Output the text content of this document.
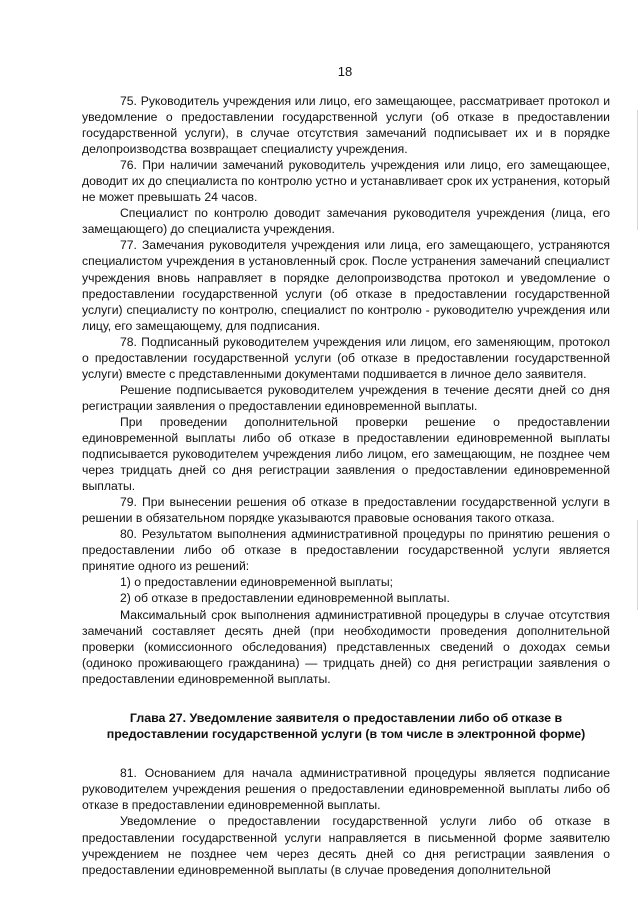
18

75. Руководитель учреждения или лицо, его замещающее, рассматривает протокол и уведомление о предоставлении государственной услуги (об отказе в предоставлении государственной услуги), в случае отсутствия замечаний подписывает их и в порядке делопроизводства возвращает специалисту учреждения.

76. При наличии замечаний руководитель учреждения или лицо, его замещающее, доводит их до специалиста по контролю устно и устанавливает срок их устранения, который не может превышать 24 часов.

Специалист по контролю доводит замечания руководителя учреждения (лица, его замещающего) до специалиста учреждения.

77. Замечания руководителя учреждения или лица, его замещающего, устраняются специалистом учреждения в установленный срок. После устранения замечаний специалист учреждения вновь направляет в порядке делопроизводства протокол и уведомление о предоставлении государственной услуги (об отказе в предоставлении государственной услуги) специалисту по контролю, специалист по контролю - руководителю учреждения или лицу, его замещающему, для подписания.

78. Подписанный руководителем учреждения или лицом, его заменяющим, протокол о предоставлении государственной услуги (об отказе в предоставлении государственной услуги) вместе с представленными документами подшивается в личное дело заявителя.

Решение подписывается руководителем учреждения в течение десяти дней со дня регистрации заявления о предоставлении единовременной выплаты.

При проведении дополнительной проверки решение о предоставлении единовременной выплаты либо об отказе в предоставлении единовременной выплаты подписывается руководителем учреждения либо лицом, его замещающим, не позднее чем через тридцать дней со дня регистрации заявления о предоставлении единовременной выплаты.

79. При вынесении решения об отказе в предоставлении государственной услуги в решении в обязательном порядке указываются правовые основания такого отказа.

80. Результатом выполнения административной процедуры по принятию решения о предоставлении либо об отказе в предоставлении государственной услуги является принятие одного из решений:

1) о предоставлении единовременной выплаты;

2) об отказе в предоставлении единовременной выплаты.

Максимальный срок выполнения административной процедуры в случае отсутствия замечаний составляет десять дней (при необходимости проведения дополнительной проверки (комиссионного обследования) представленных сведений о доходах семьи (одиноко проживающего гражданина) — тридцать дней) со дня регистрации заявления о предоставлении единовременной выплаты.

Глава 27. Уведомление заявителя о предоставлении либо об отказе в предоставлении государственной услуги (в том числе в электронной форме)

81. Основанием для начала административной процедуры является подписание руководителем учреждения решения о предоставлении единовременной выплаты либо об отказе в предоставлении единовременной выплаты.

Уведомление о предоставлении государственной услуги либо об отказе в предоставлении государственной услуги направляется в письменной форме заявителю учреждением не позднее чем через десять дней со дня регистрации заявления о предоставлении единовременной выплаты (в случае проведения дополнительной
